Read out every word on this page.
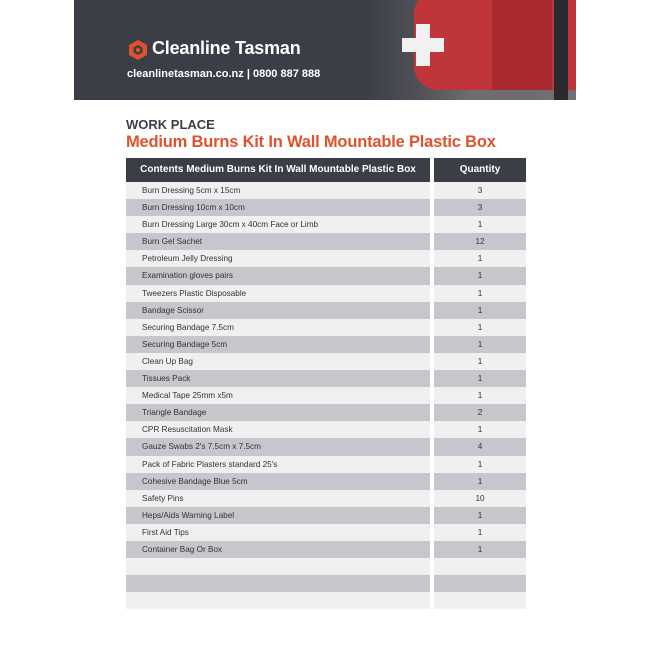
Cleanline Tasman
cleanlinetasman.co.nz | 0800 887 888
WORK PLACE
Medium Burns Kit In Wall Mountable Plastic Box
Contents Medium Burns Kit In Wall Mountable Plastic Box	Quantity
Burn Dressing 5cm x 15cm	3
Burn Dressing 10cm x 10cm	3
Burn Dressing Large 30cm x 40cm Face or Limb	1
Burn Gel Sachet	12
Petroleum Jelly Dressing	1
Examination gloves pairs	1
Tweezers Plastic Disposable	1
Bandage Scissor	1
Securing Bandage 7.5cm	1
Securing Bandage 5cm	1
Clean Up Bag	1
Tissues Pack	1
Medical Tape 25mm x5m	1
Triangle Bandage	2
CPR Resuscitation Mask	1
Gauze Swabs 2's 7.5cm x 7.5cm	4
Pack of Fabric Plasters standard 25's	1
Cohesive Bandage Blue 5cm	1
Safety Pins	10
Heps/Aids Warning Label	1
First Aid Tips	1
Container Bag Or Box	1
